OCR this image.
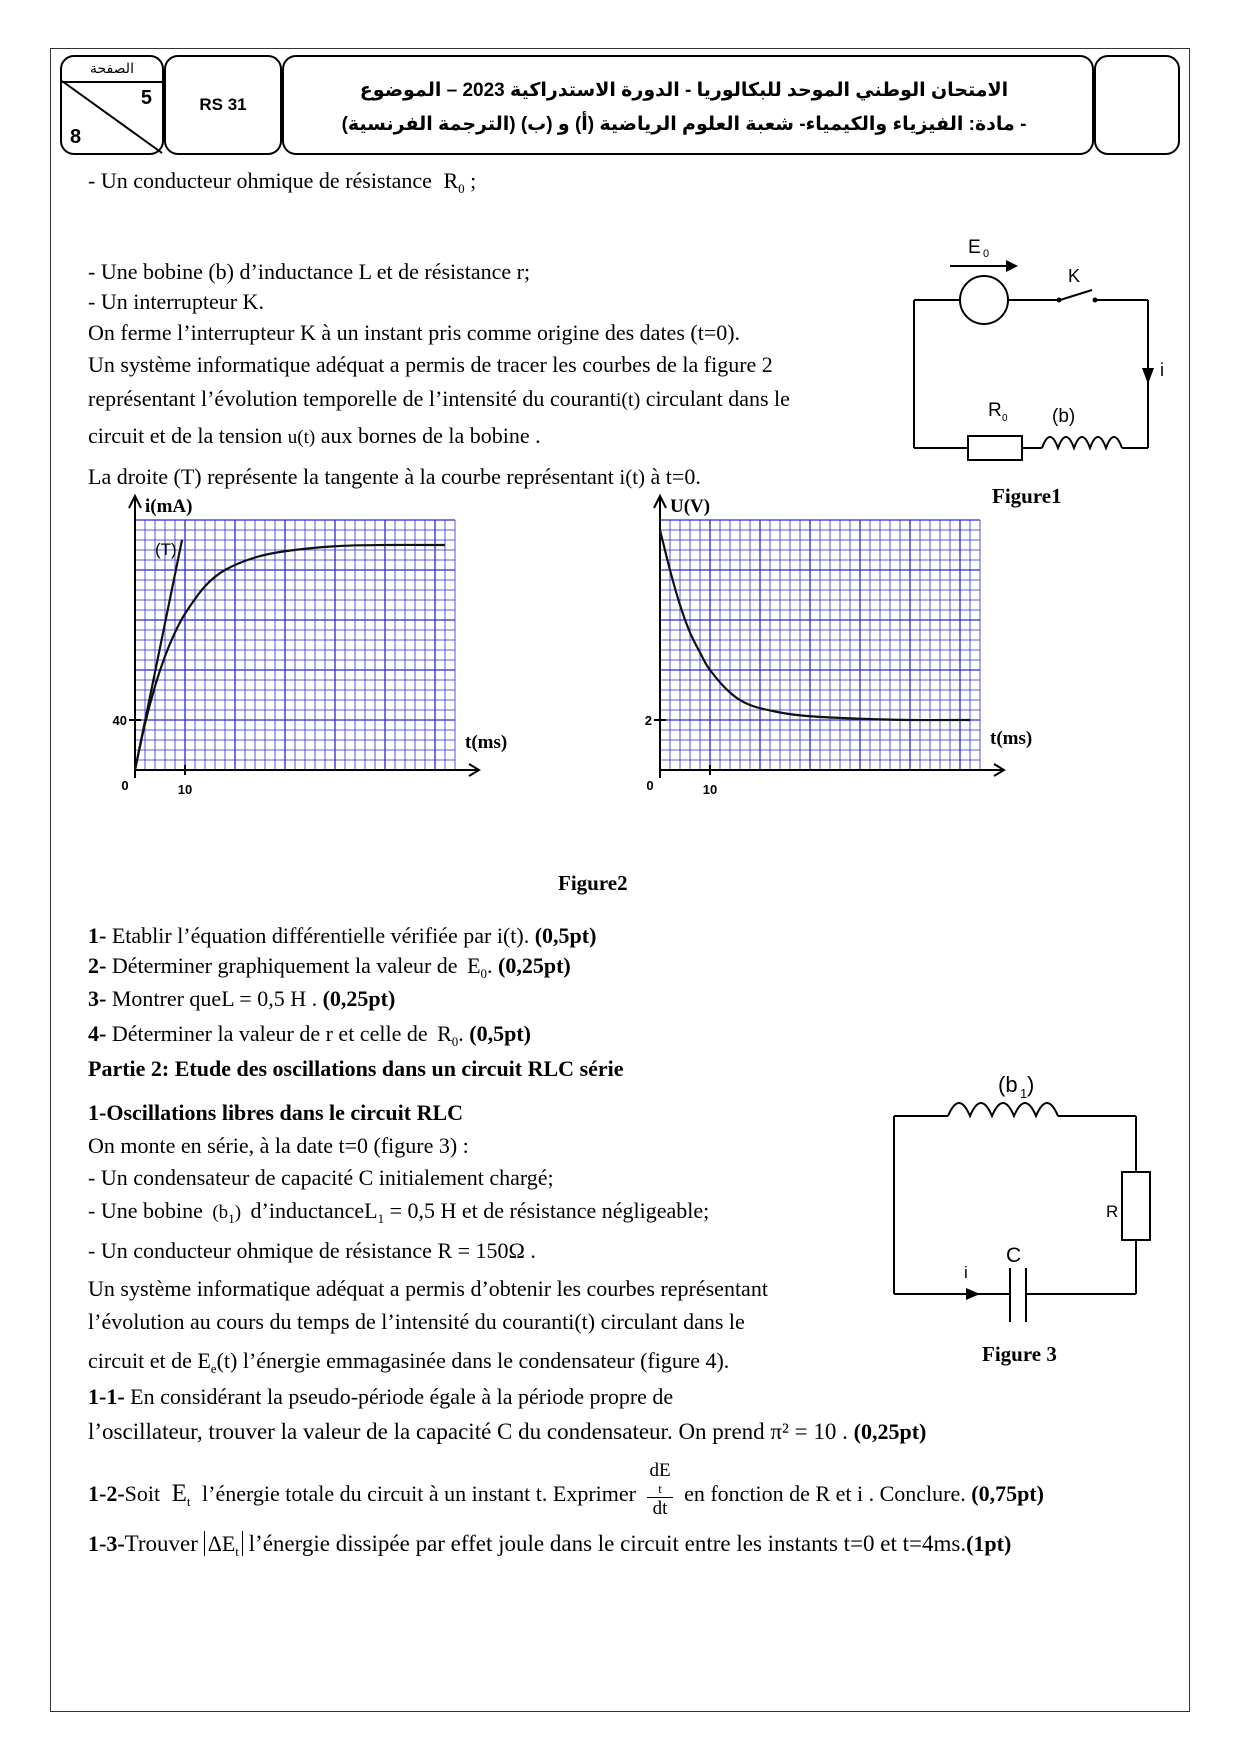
الصفحة
5
8
RS 31
الامتحان الوطني الموحد للبكالوريا - الدورة الاستدراكية 2023 – الموضوع
- مادة: الفيزياء والكيمياء- شعبة العلوم الرياضية (أ) و (ب) (الترجمة الفرنسية)
- Un conducteur ohmique de résistance $R_0$ ;
- Une bobine (b) d’inductance L et de résistance r;
- Un interrupteur K.
On ferme l’interrupteur K à un instant pris comme origine des dates (t=0).
Un système informatique adéquat a permis de tracer les courbes de la figure 2
représentant l’évolution temporelle de l’intensité du couranti(t) circulant dans le
circuit et de la tension u(t) aux bornes de la bobine .
La droite (T) représente la tangente à la courbe représentant i(t) à t=0.
E 0
K
i
R 0 (b)
Figure1
0	10
40
i(mA)
t(ms)
(T)
0	10
2
U(V)
t(ms)
Figure2
1- Etablir l’équation différentielle vérifiée par i(t). (0,5pt)
2- Déterminer graphiquement la valeur de $E_0$. (0,25pt)
3- Montrer queL = 0,5 H . (0,25pt)
4- Déterminer la valeur de r et celle de $R_0$. (0,5pt)
Partie 2: Etude des oscillations dans un circuit RLC série
1-Oscillations libres dans le circuit RLC
On monte en série, à la date t=0 (figure 3) :
- Un condensateur de capacité C initialement chargé;
- Une bobine $(b_1)$ d’inductanceL$_1$ = 0,5 H et de résistance négligeable;
- Un conducteur ohmique de résistance R = 150Ω .
Un système informatique adéquat a permis d’obtenir les courbes représentant
l’évolution au cours du temps de l’intensité du couranti(t) circulant dans le
circuit et de $E_e(t)$ l’énergie emmagasinée dans le condensateur (figure 4).
1-1- En considérant la pseudo-période égale à la période propre de
l’oscillateur, trouver la valeur de la capacité C du condensateur. On prend π² = 10 . (0,25pt)
1-2-Soit $E_t$ l’énergie totale du circuit à un instant t. Exprimer dE
t
dt en fonction de R et i . Conclure. (0,75pt)
1-3-Trouver $\Delta E_t$ l’énergie dissipée par effet joule dans le circuit entre les instants t=0 et t=4ms.(1pt)
(b 1 )
R
C
i
Figure 3
